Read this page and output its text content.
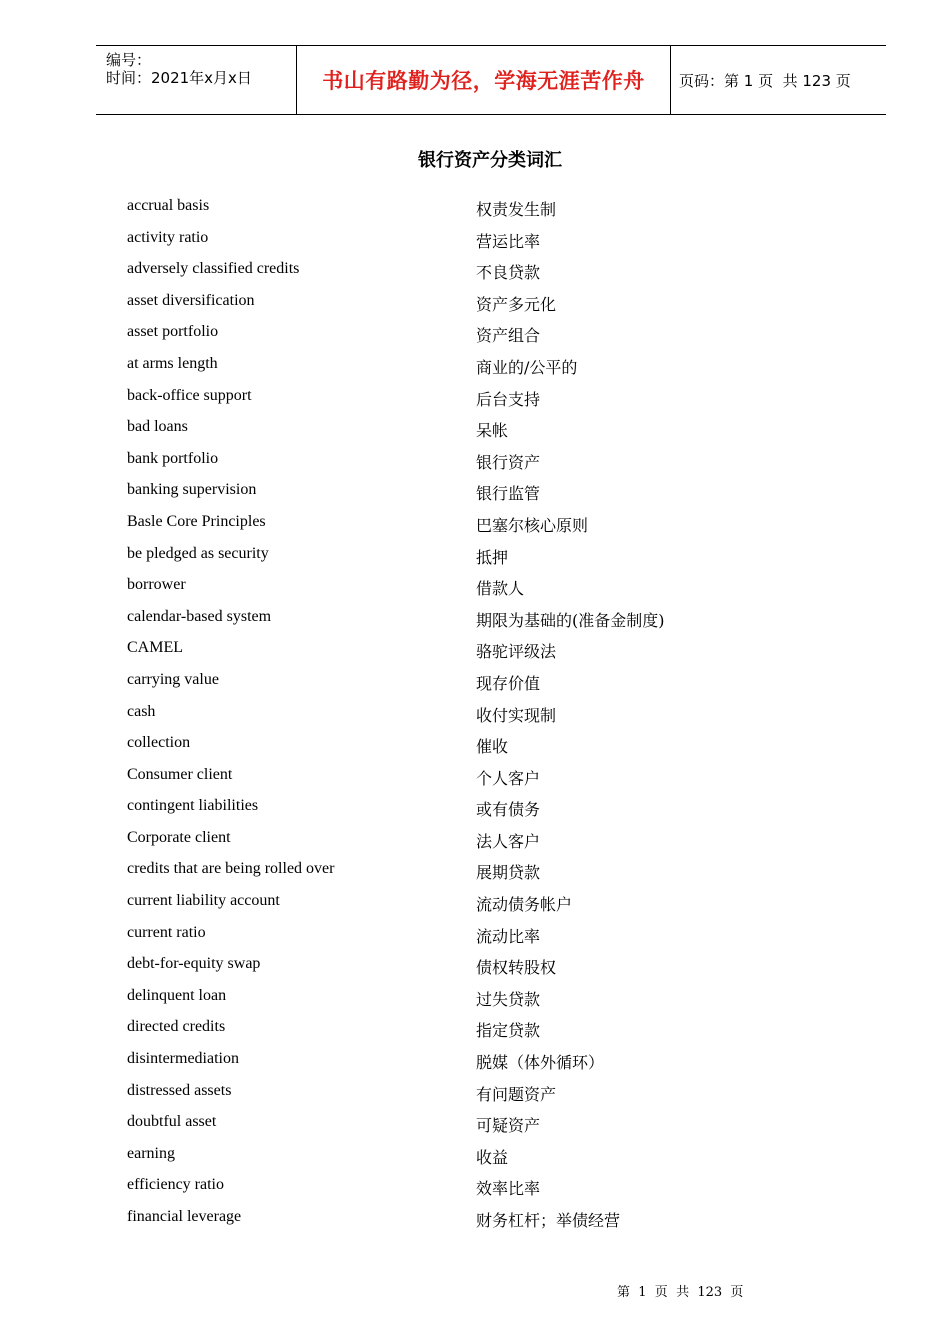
编号：
时间：2021年x月x日	书山有路勤为径，学海无涯苦作舟 页码：第 1 页  共 123 页
银行资产分类词汇
accrual basis	权责发生制
activity ratio	营运比率
adversely classified credits	不良贷款
asset diversification	资产多元化
asset portfolio	资产组合
at arms length	商业的/公平的
back-office support	后台支持
bad loans	呆帐
bank portfolio	银行资产
banking supervision	银行监管
Basle Core Principles	巴塞尔核心原则
be pledged as security	抵押
borrower	借款人
calendar-based system	期限为基础的(准备金制度)
CAMEL	骆驼评级法
carrying value	现存价值
cash	收付实现制
collection	催收
Consumer client	个人客户
contingent liabilities	或有债务
Corporate client	法人客户
credits that are being rolled over	展期贷款
current liability account	流动债务帐户
current ratio	流动比率
debt-for-equity swap	债权转股权
delinquent loan	过失贷款
directed credits	指定贷款
disintermediation	脱媒（体外循环）
distressed assets	有问题资产
doubtful asset	可疑资产
earning	收益
efficiency ratio	效率比率
financial leverage	财务杠杆；举债经营
第  1  页  共  123  页
